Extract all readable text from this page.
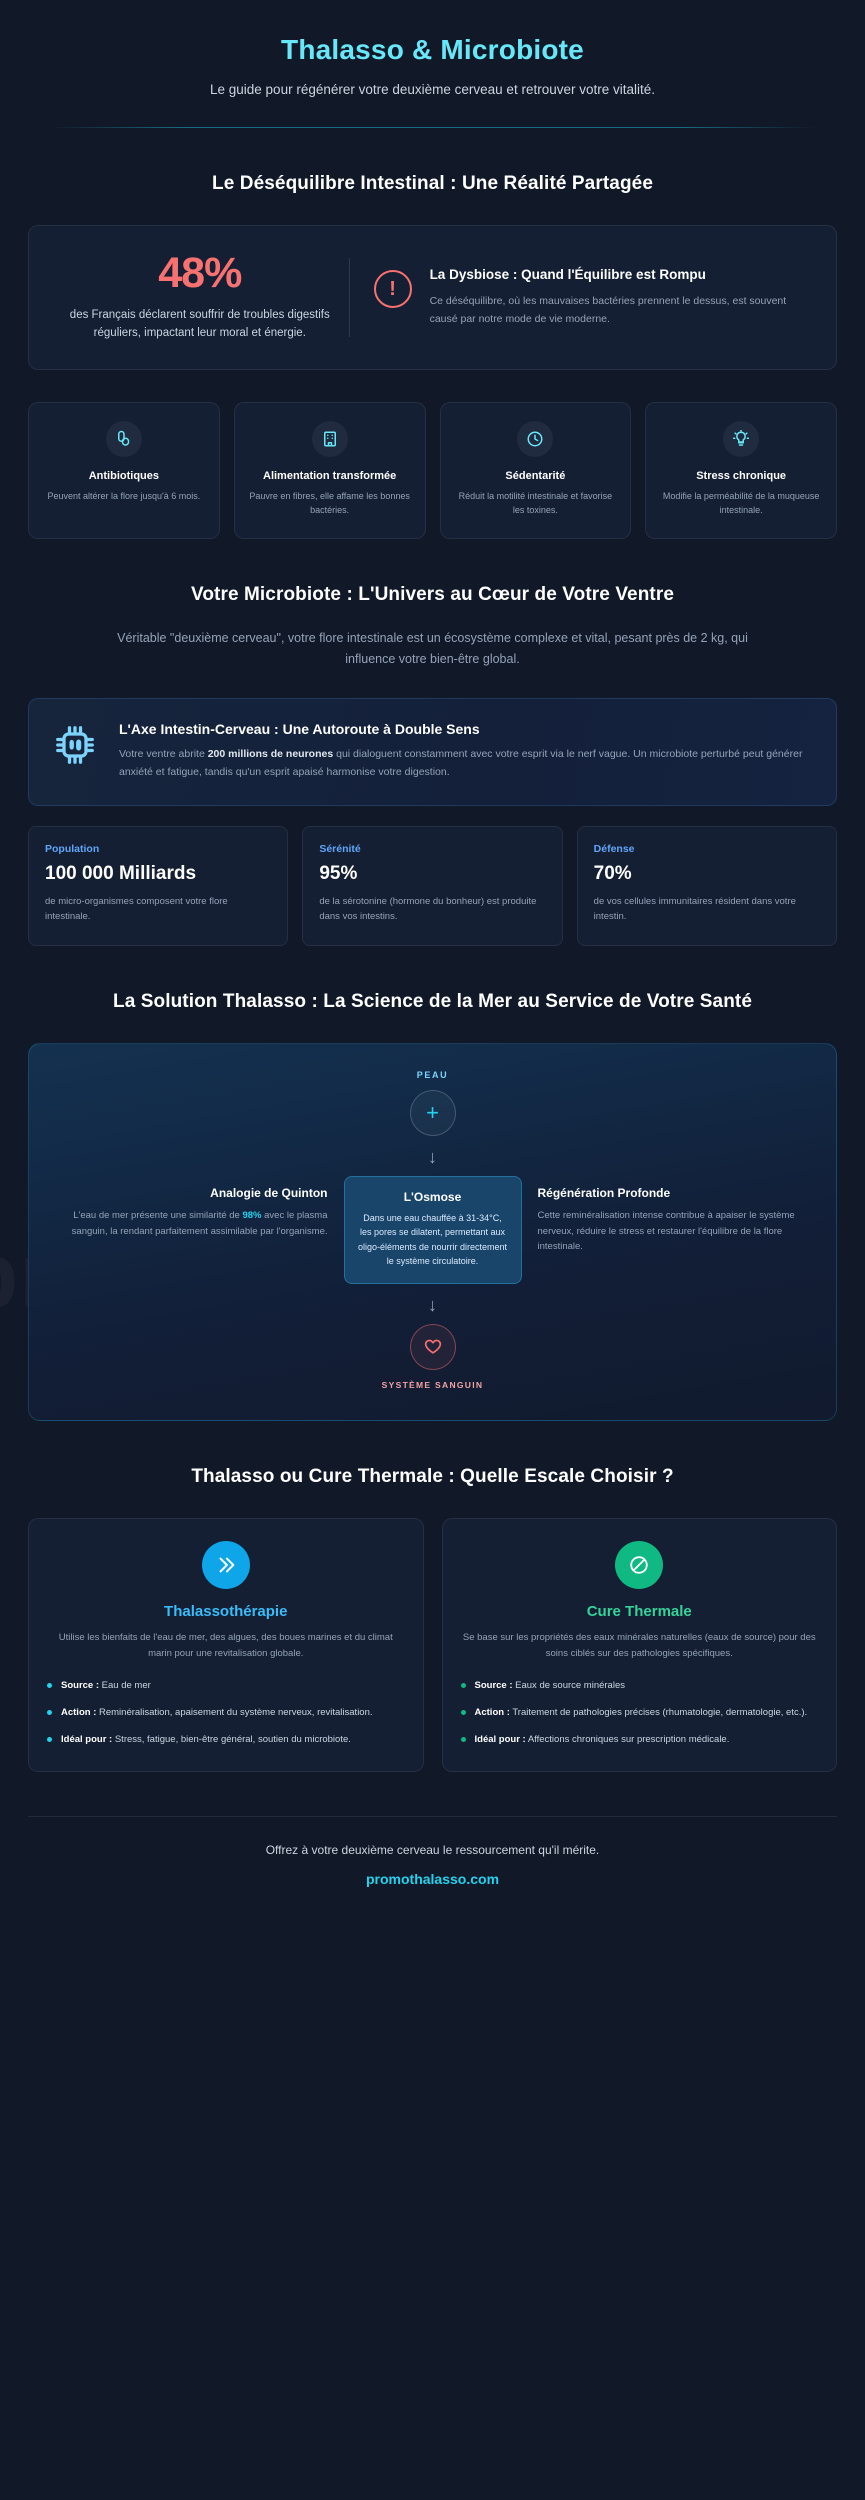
Thalasso & Microbiote
Le guide pour régénérer votre deuxième cerveau et retrouver votre vitalité.
Le Déséquilibre Intestinal : Une Réalité Partagée
48%
des Français déclarent souffrir de troubles digestifs réguliers, impactant leur moral et énergie.
!
La Dysbiose : Quand l'Équilibre est Rompu
Ce déséquilibre, où les mauvaises bactéries prennent le dessus, est souvent causé par notre mode de vie moderne.
Antibiotiques
Peuvent altérer la flore jusqu'à 6 mois.
Alimentation transformée
Pauvre en fibres, elle affame les bonnes bactéries.
Sédentarité
Réduit la motilité intestinale et favorise les toxines.
Stress chronique
Modifie la perméabilité de la muqueuse intestinale.
Votre Microbiote : L'Univers au Cœur de Votre Ventre
Véritable "deuxième cerveau", votre flore intestinale est un écosystème complexe et vital, pesant près de 2 kg, qui influence votre bien-être global.
L'Axe Intestin-Cerveau : Une Autoroute à Double Sens

Votre ventre abrite 200 millions de neurones qui dialoguent constamment avec votre esprit via le nerf vague. Un microbiote perturbé peut générer anxiété et fatigue, tandis qu'un esprit apaisé harmonise votre digestion.

Population
100 000 Milliards
de micro-organismes composent votre flore intestinale.
Sérénité
95%
de la sérotonine (hormone du bonheur) est produite dans vos intestins.
Défense
70%
de vos cellules immunitaires résident dans votre intestin.
La Solution Thalasso : La Science de la Mer au Service de Votre Santé
PEAU
+
↓
Analogie de Quinton

L'eau de mer présente une similarité de 98% avec le plasma sanguin, la rendant parfaitement assimilable par l'organisme.

L'Osmose

Dans une eau chauffée à 31-34°C, les pores se dilatent, permettant aux oligo-éléments de nourrir directement le système circulatoire.

Régénération Profonde

Cette reminéralisation intense contribue à apaiser le système nerveux, réduire le stress et restaurer l'équilibre de la flore intestinale.

↓
SYSTÈME SANGUIN
Thalasso ou Cure Thermale : Quelle Escale Choisir ?
Thalassothérapie
Utilise les bienfaits de l'eau de mer, des algues, des boues marines et du climat marin pour une revitalisation globale.
Source : Eau de mer
Action : Reminéralisation, apaisement du système nerveux, revitalisation.
Idéal pour : Stress, fatigue, bien-être général, soutien du microbiote.
Cure Thermale
Se base sur les propriétés des eaux minérales naturelles (eaux de source) pour des soins ciblés sur des pathologies spécifiques.
Source : Eaux de source minérales
Action : Traitement de pathologies précises (rhumatologie, dermatologie, etc.).
Idéal pour : Affections chroniques sur prescription médicale.
Offrez à votre deuxième cerveau le ressourcement qu'il mérite.
promothalasso.com
